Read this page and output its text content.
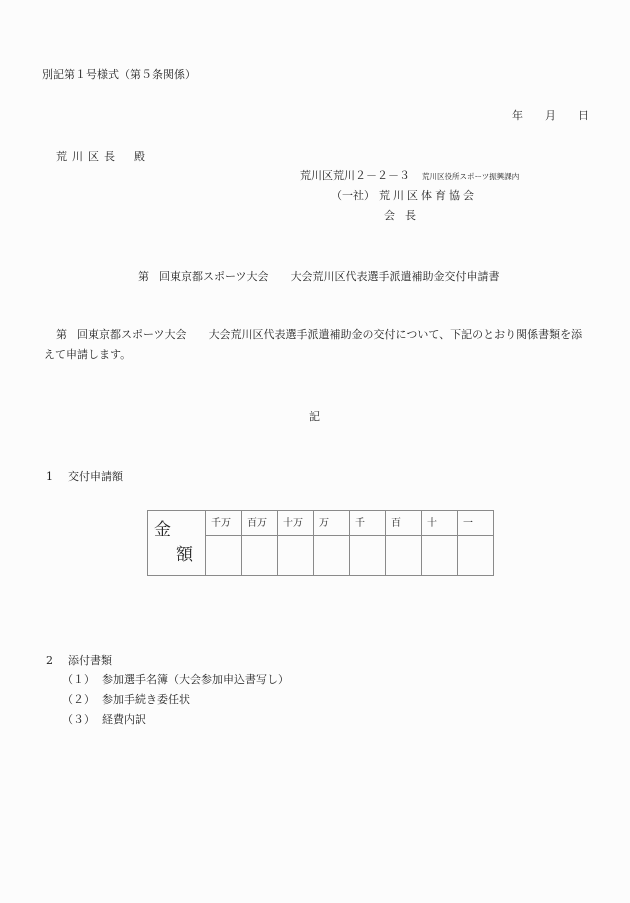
別記第１号様式（第５条関係）
年 月 日
荒川区長 殿
荒川区荒川２－２－３ 荒川区役所スポーツ振興課内
（一社） 荒川区体育協会
会長
第 回東京都スポーツ大会 大会荒川区代表選手派遣補助金交付申請書
第 回東京都スポーツ大会 大会荒川区代表選手派遣補助金の交付について、下記のとおり関係書類を添えて申請します。
記
1 交付申請額
金額	千万	百万	十万	万	千	百	十	一

2 添付書類
（１） 参加選手名簿（大会参加申込書写し）
（２） 参加手続き委任状
（３） 経費内訳
